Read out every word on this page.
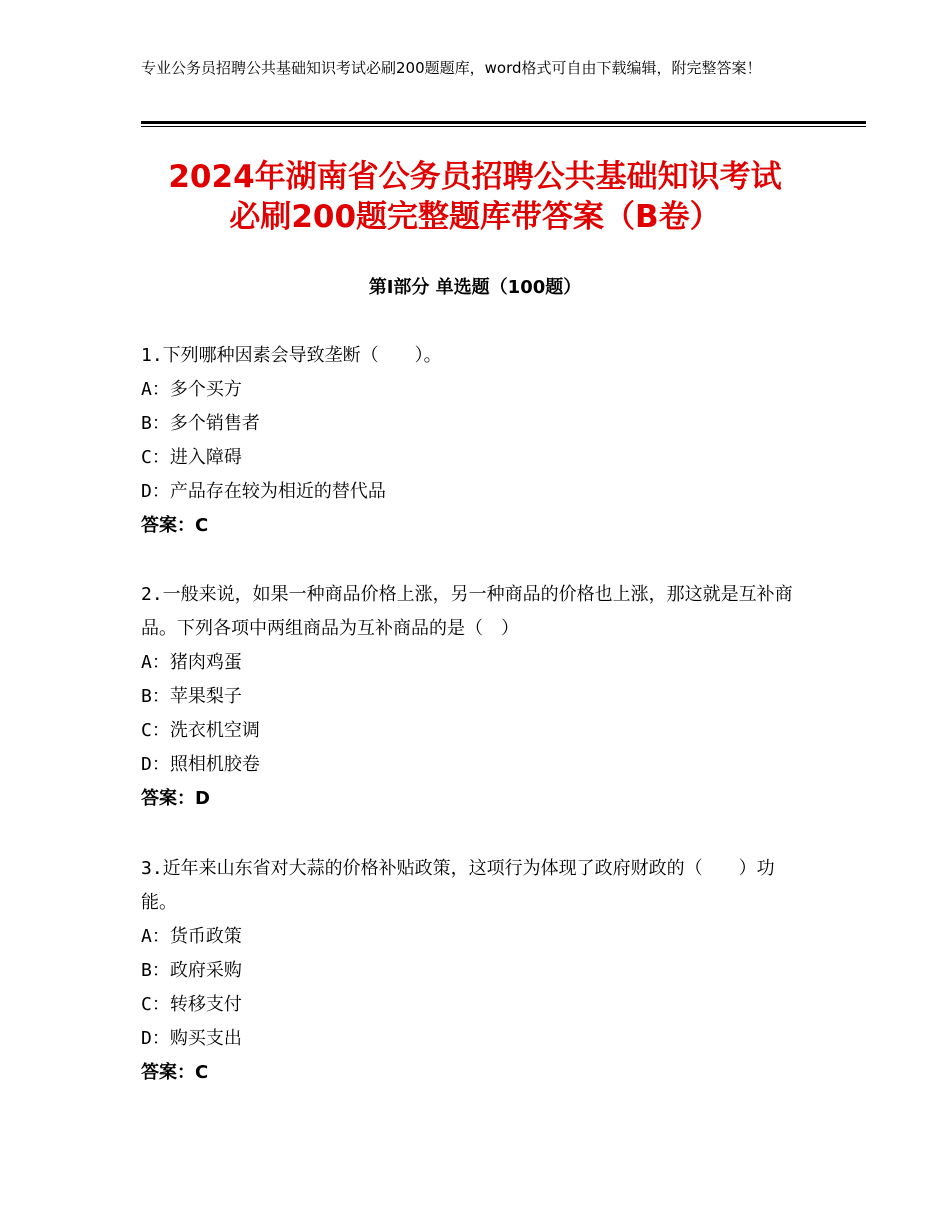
专业公务员招聘公共基础知识考试必刷200题题库，word格式可自由下载编辑，附完整答案！
2024年湖南省公务员招聘公共基础知识考试
必刷200题完整题库带答案（B卷）
第Ⅰ部分 单选题（100题）
1.下列哪种因素会导致垄断（　　）。
A：多个买方
B：多个销售者
C：进入障碍
D：产品存在较为相近的替代品
答案：C
2.一般来说，如果一种商品价格上涨，另一种商品的价格也上涨，那这就是互补商品。下列各项中两组商品为互补商品的是（　）
A：猪肉鸡蛋
B：苹果梨子
C：洗衣机空调
D：照相机胶卷
答案：D
3.近年来山东省对大蒜的价格补贴政策，这项行为体现了政府财政的（　　）功能。
A：货币政策
B：政府采购
C：转移支付
D：购买支出
答案：C
